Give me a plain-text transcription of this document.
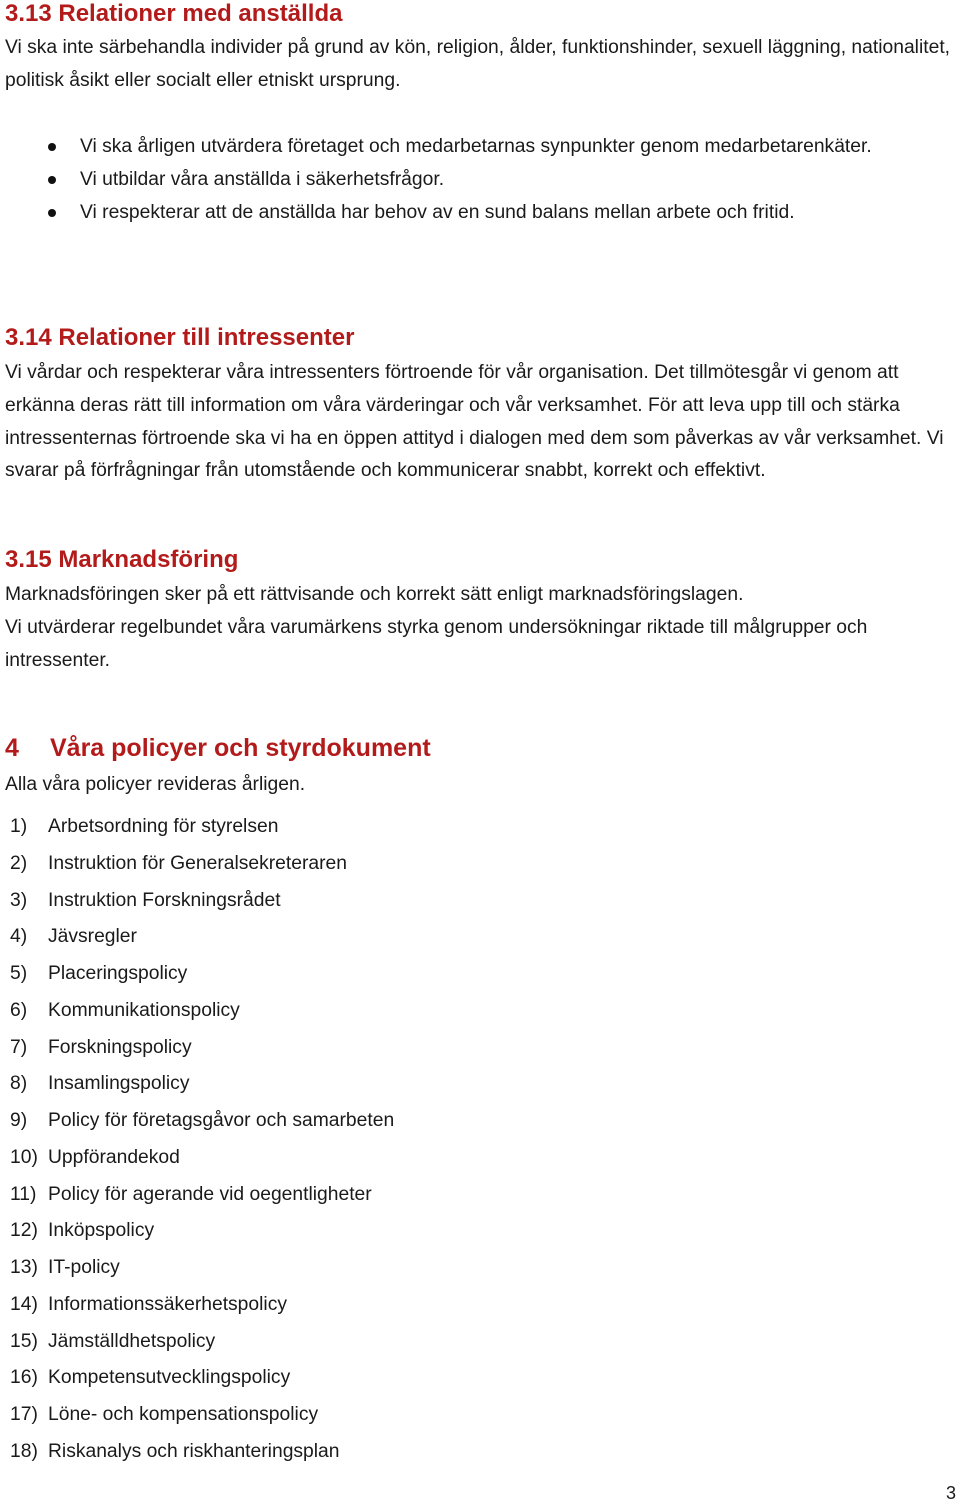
3.13 Relationer med anställda

Vi ska inte särbehandla individer på grund av kön, religion, ålder, funktionshinder, sexuell läggning, nationalitet, politisk åsikt eller socialt eller etniskt ursprung.

Vi ska årligen utvärdera företaget och medarbetarnas synpunkter genom medarbetarenkäter.
Vi utbildar våra anställda i säkerhetsfrågor.
Vi respekterar att de anställda har behov av en sund balans mellan arbete och fritid.
3.14 Relationer till intressenter

Vi vårdar och respekterar våra intressenters förtroende för vår organisation. Det tillmötesgår vi genom att erkänna deras rätt till information om våra värderingar och vår verksamhet. För att leva upp till och stärka intressenternas förtroende ska vi ha en öppen attityd i dialogen med dem som påverkas av vår verksamhet. Vi svarar på förfrågningar från utomstående och kommunicerar snabbt, korrekt och effektivt.

3.15 Marknadsföring

Marknadsföringen sker på ett rättvisande och korrekt sätt enligt marknadsföringslagen.

Vi utvärderar regelbundet våra varumärkens styrka genom undersökningar riktade till målgrupper och intressenter.

4 Våra policyer och styrdokument

Alla våra policyer revideras årligen.

1) Arbetsordning för styrelsen
2) Instruktion för Generalsekreteraren
3) Instruktion Forskningsrådet
4) Jävsregler
5) Placeringspolicy
6) Kommunikationspolicy
7) Forskningspolicy
8) Insamlingspolicy
9) Policy för företagsgåvor och samarbeten
10) Uppförandekod
11) Policy för agerande vid oegentligheter
12) Inköpspolicy
13) IT-policy
14) Informationssäkerhetspolicy
15) Jämställdhetspolicy
16) Kompetensutvecklingspolicy
17) Löne- och kompensationspolicy
18) Riskanalys och riskhanteringsplan
3
